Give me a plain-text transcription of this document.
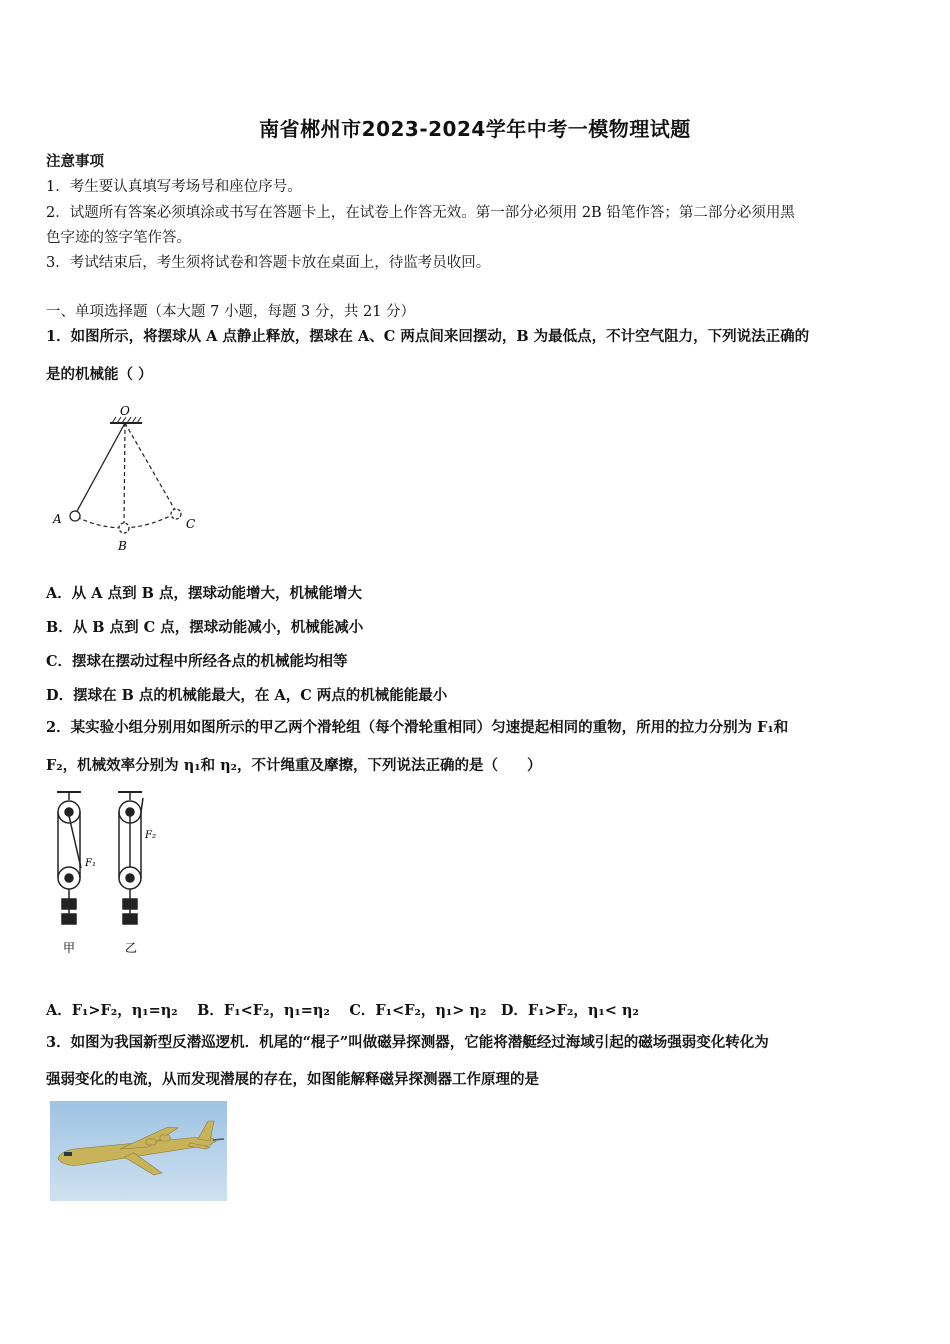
南省郴州市2023-2024学年中考一模物理试题
注意事项
1．考生要认真填写考场号和座位序号。
2．试题所有答案必须填涂或书写在答题卡上，在试卷上作答无效。第一部分必须用 2B 铅笔作答；第二部分必须用黑
色字迹的签字笔作答。
3．考试结束后，考生须将试卷和答题卡放在桌面上，待监考员收回。
一、单项选择题（本大题 7 小题，每题 3 分，共 21 分）
1．如图所示，将摆球从 A 点静止释放，摆球在 A、C 两点间来回摆动，B 为最低点，不计空气阻力，下列说法正确的
是的机械能（ ）
O
A
B
C
A．从 A 点到 B 点，摆球动能增大，机械能增大
B．从 B 点到 C 点，摆球动能减小，机械能减小
C．摆球在摆动过程中所经各点的机械能均相等
D．摆球在 B 点的机械能最大，在 A，C 两点的机械能能最小
2．某实验小组分别用如图所示的甲乙两个滑轮组（每个滑轮重相同）匀速提起相同的重物，所用的拉力分别为 F₁和
F₂，机械效率分别为 η₁和 η₂，不计绳重及摩擦，下列说法正确的是（　　）
F₁
甲
F₂
乙
A．F₁>F₂，η₁=η₂　 B．F₁<F₂，η₁=η₂　 C．F₁<F₂，η₁> η₂　D．F₁>F₂，η₁< η₂
3．如图为我国新型反潜巡逻机．机尾的“棍子”叫做磁异探测器，它能将潜艇经过海域引起的磁场强弱变化转化为
强弱变化的电流，从而发现潜展的存在，如图能解释磁异探测器工作原理的是
